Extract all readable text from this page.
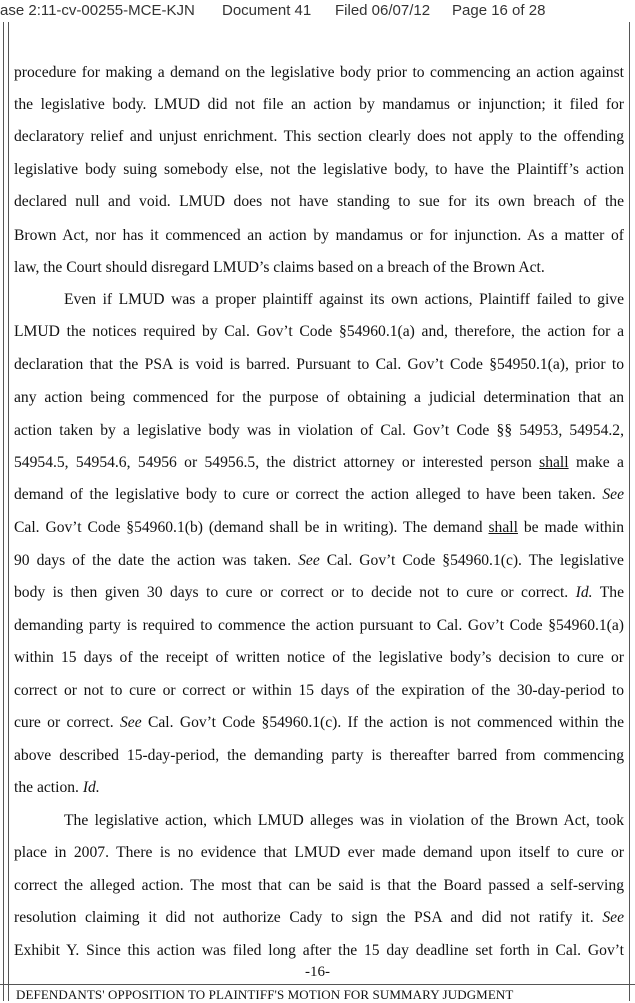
ase 2:11-cv-00255-MCE-KJN Document 41 Filed 06/07/12 Page 16 of 28
procedure for making a demand on the legislative body prior to commencing an action against
the legislative body. LMUD did not file an action by mandamus or injunction; it filed for
declaratory relief and unjust enrichment. This section clearly does not apply to the offending
legislative body suing somebody else, not the legislative body, to have the Plaintiff’s action
declared null and void. LMUD does not have standing to sue for its own breach of the
Brown Act, nor has it commenced an action by mandamus or for injunction. As a matter of
law, the Court should disregard LMUD’s claims based on a breach of the Brown Act.
Even if LMUD was a proper plaintiff against its own actions, Plaintiff failed to give
LMUD the notices required by Cal. Gov’t Code §54960.1(a) and, therefore, the action for a
declaration that the PSA is void is barred. Pursuant to Cal. Gov’t Code §54950.1(a), prior to
any action being commenced for the purpose of obtaining a judicial determination that an
action taken by a legislative body was in violation of Cal. Gov’t Code §§ 54953, 54954.2,
54954.5, 54954.6, 54956 or 54956.5, the district attorney or interested person shall make a
demand of the legislative body to cure or correct the action alleged to have been taken. See
Cal. Gov’t Code §54960.1(b) (demand shall be in writing). The demand shall be made within
90 days of the date the action was taken. See Cal. Gov’t Code §54960.1(c). The legislative
body is then given 30 days to cure or correct or to decide not to cure or correct. Id. The
demanding party is required to commence the action pursuant to Cal. Gov’t Code §54960.1(a)
within 15 days of the receipt of written notice of the legislative body’s decision to cure or
correct or not to cure or correct or within 15 days of the expiration of the 30-day-period to
cure or correct. See Cal. Gov’t Code §54960.1(c). If the action is not commenced within the
above described 15-day-period, the demanding party is thereafter barred from commencing
the action. Id.
The legislative action, which LMUD alleges was in violation of the Brown Act, took
place in 2007. There is no evidence that LMUD ever made demand upon itself to cure or
correct the alleged action. The most that can be said is that the Board passed a self-serving
resolution claiming it did not authorize Cady to sign the PSA and did not ratify it. See
Exhibit Y. Since this action was filed long after the 15 day deadline set forth in Cal. Gov’t
-16-
DEFENDANTS' OPPOSITION TO PLAINTIFF'S MOTION FOR SUMMARY JUDGMENT
